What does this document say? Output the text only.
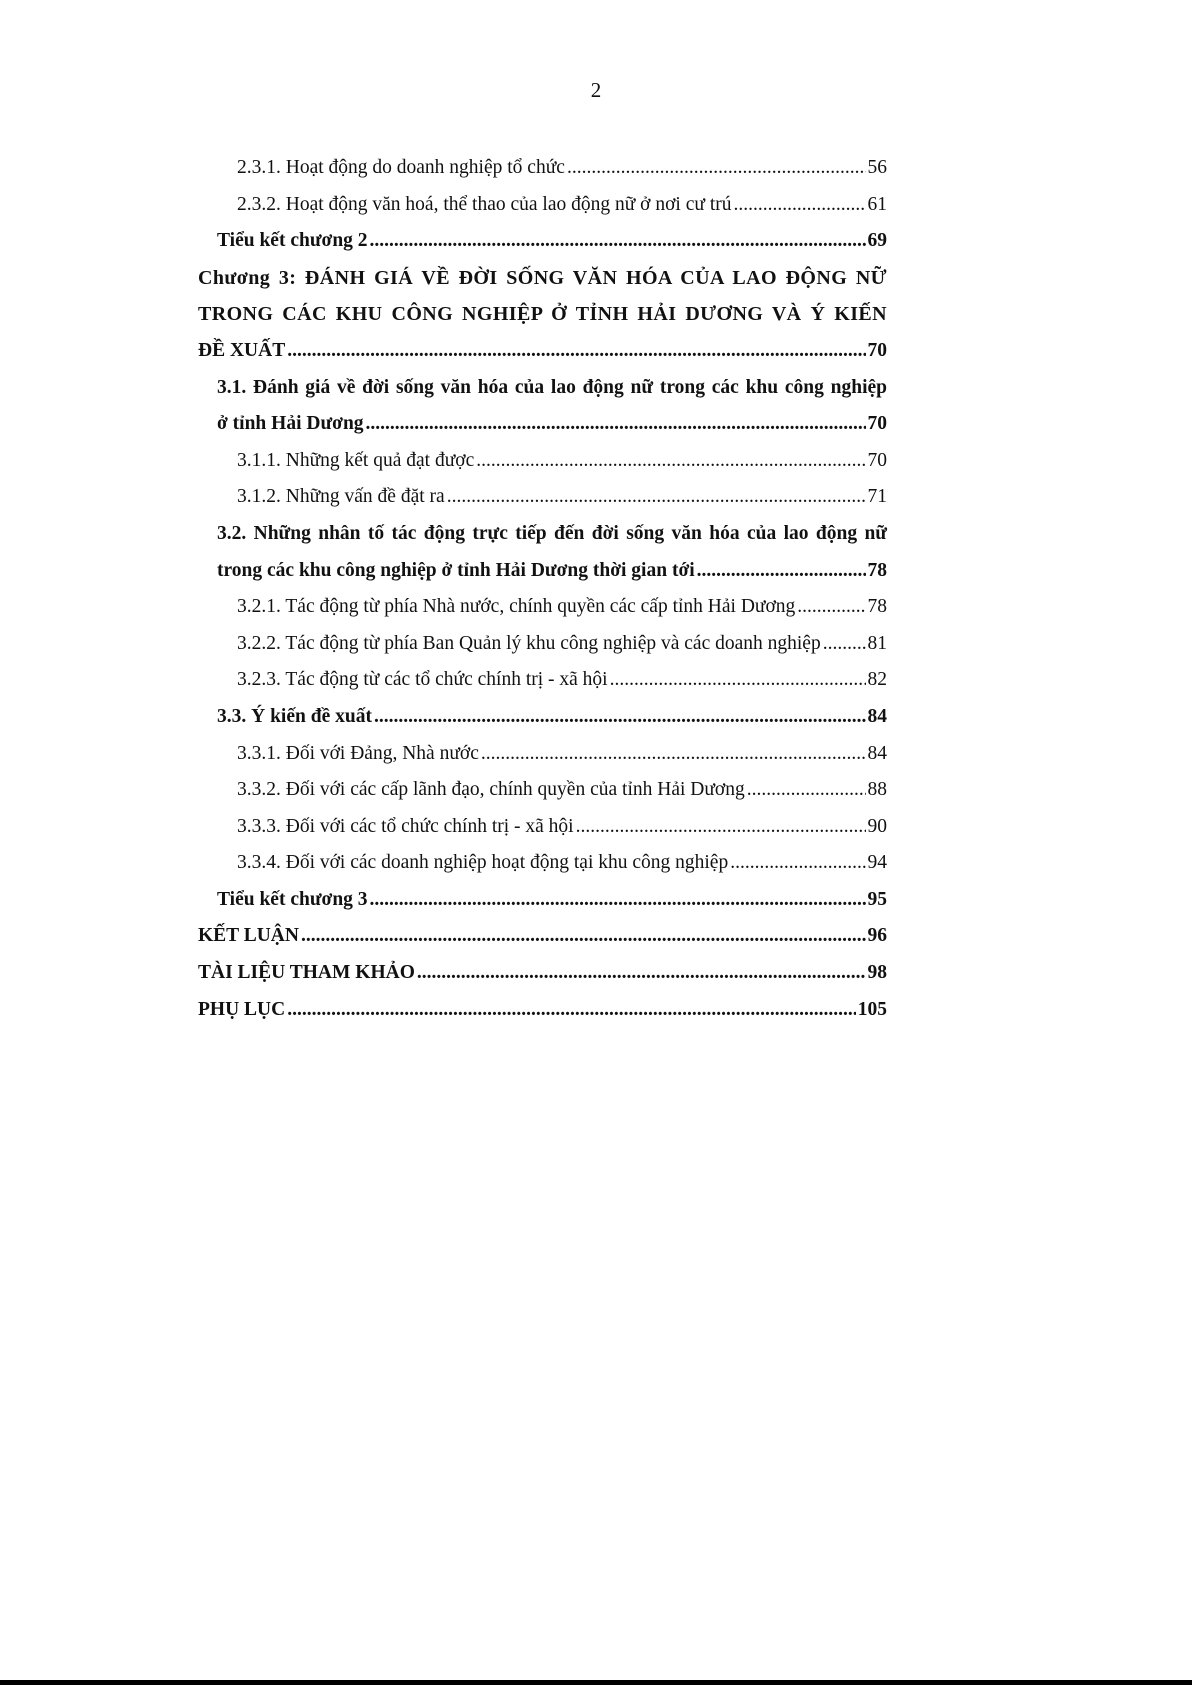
2
2.3.1. Hoạt động do doanh nghiệp tổ chức .....	56
2.3.2. Hoạt động văn hoá, thể thao của lao động nữ ở nơi cư trú .....	61
Tiểu kết chương 2 .....	69
Chương 3: ĐÁNH GIÁ VỀ ĐỜI SỐNG VĂN HÓA CỦA LAO ĐỘNG NỮ
TRONG CÁC KHU CÔNG NGHIỆP Ở TỈNH HẢI DƯƠNG VÀ Ý KIẾN
ĐỀ XUẤT .....	70
3.1. Đánh giá về đời sống văn hóa của lao động nữ trong các khu công nghiệp
ở tỉnh Hải Dương .....	70
3.1.1. Những kết quả đạt được .....	70
3.1.2. Những vấn đề đặt ra .....	71
3.2. Những nhân tố tác động trực tiếp đến đời sống văn hóa của lao động nữ
trong các khu công nghiệp ở tỉnh Hải Dương thời gian tới .....	78
3.2.1. Tác động từ phía Nhà nước, chính quyền các cấp tỉnh Hải Dương .....	78
3.2.2. Tác động từ phía Ban Quản lý khu công nghiệp và các doanh nghiệp ..... 81
3.2.3. Tác động từ các tổ chức chính trị - xã hội .....	82
3.3. Ý kiến đề xuất .....	84
3.3.1. Đối với Đảng, Nhà nước .....	84
3.3.2. Đối với các cấp lãnh đạo, chính quyền của tỉnh Hải Dương .....	88
3.3.3. Đối với các tổ chức chính trị - xã hội .....	90
3.3.4. Đối với các doanh nghiệp hoạt động tại khu công nghiệp .....	94
Tiểu kết chương 3 .....	95
KẾT LUẬN .....	96
TÀI LIỆU THAM KHẢO .....	98
PHỤ LỤC .....	105
